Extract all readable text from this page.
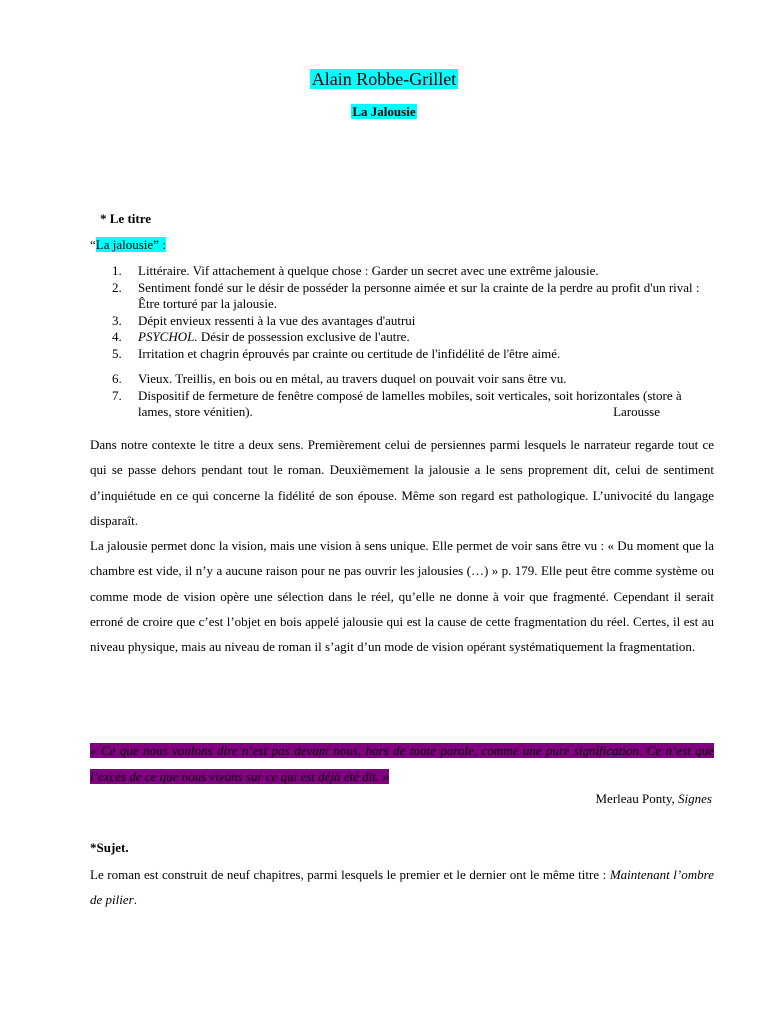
Alain Robbe-Grillet
La Jalousie
* Le titre
“La jalousie” :
1. Littéraire. Vif attachement à quelque chose : Garder un secret avec une extrême jalousie.
2. Sentiment fondé sur le désir de posséder la personne aimée et sur la crainte de la perdre au profit d'un rival : Être torturé par la jalousie.
3. Dépit envieux ressenti à la vue des avantages d'autrui
4. PSYCHOL. Désir de possession exclusive de l'autre.
5. Irritation et chagrin éprouvés par crainte ou certitude de l'infidélité de l'être aimé.
6. Vieux. Treillis, en bois ou en métal, au travers duquel on pouvait voir sans être vu.
7. Dispositif de fermeture de fenêtre composé de lamelles mobiles, soit verticales, soit horizontales (store à lames, store vénitien).	Larousse

Dans notre contexte le titre a deux sens. Premièrement celui de persiennes parmi lesquels le narrateur regarde tout ce qui se passe dehors pendant tout le roman. Deuxièmement la jalousie a le sens proprement dit, celui de sentiment d’inquiétude en ce qui concerne la fidélité de son épouse. Même son regard est pathologique. L’univocité du langage disparaît.

La jalousie permet donc la vision, mais une vision à sens unique. Elle permet de voir sans être vu : « Du moment que la chambre est vide, il n’y a aucune raison pour ne pas ouvrir les jalousies (…) » p. 179. Elle peut être comme système ou comme mode de vision opère une sélection dans le réel, qu’elle ne donne à voir que fragmenté. Cependant il serait erroné de croire que c’est l’objet en bois appelé jalousie qui est la cause de cette fragmentation du réel. Certes, il est au niveau physique, mais au niveau de roman il s’agit d’un mode de vision opérant systématiquement la fragmentation.

« Ce que nous voulons dire n’est pas devant nous, hors de toute parole, comme une pure signification. Ce n’est que l’excès de ce que nous vivons sur ce qui est déjà été dit. »
Merleau Ponty, Signes
*Sujet.

Le roman est construit de neuf chapitres, parmi lesquels le premier et le dernier ont le même titre : Maintenant l’ombre de pilier.
